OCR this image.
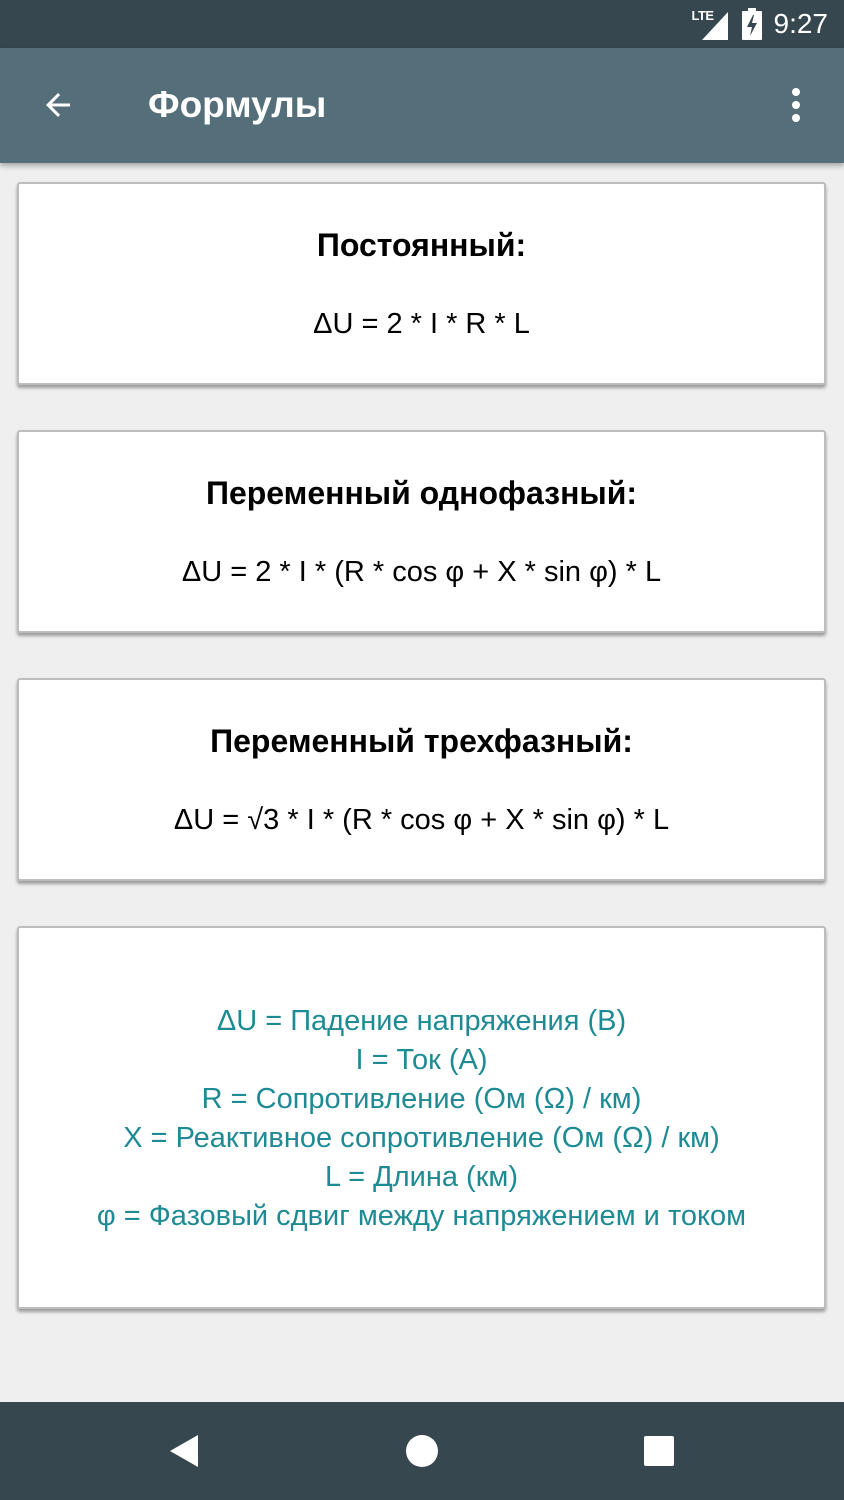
LTE 9:27
Формулы
Постоянный:
ΔU = 2 * I * R * L
Переменный однофазный:
ΔU = 2 * I * (R * cos φ + X * sin φ) * L
Переменный трехфазный:
ΔU = √3 * I * (R * cos φ + X * sin φ) * L
ΔU = Падение напряжения (В)
I = Ток (А)
R = Сопротивление (Ом (Ω) / км)
X = Реактивное сопротивление (Ом (Ω) / км)
L = Длина (км)
φ = Фазовый сдвиг между напряжением и током
